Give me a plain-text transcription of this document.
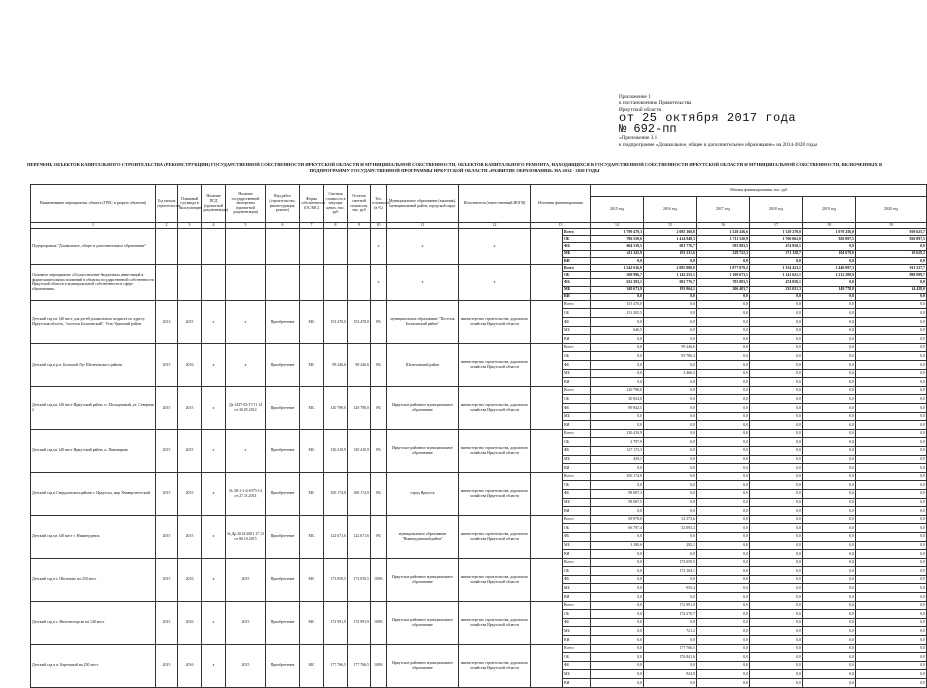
Приложение 1
к постановлению Правительства
Иркутской области
от 25 октября 2017 года
№ 692-пп
«Приложение 3.1
к подпрограмме «Дошкольное, общее и дополнительное образование» на 2014-2020 годы
ПЕРЕЧЕНЬ ОБЪЕКТОВ КАПИТАЛЬНОГО СТРОИТЕЛЬСТВА (РЕКОНСТРУКЦИИ) ГОСУДАРСТВЕННОЙ СОБСТВЕННОСТИ ИРКУТСКОЙ ОБЛАСТИ И МУНИЦИПАЛЬНОЙ СОБСТВЕННОСТИ, ОБЪЕКТОВ КАПИТАЛЬНОГО РЕМОНТА, НАХОДЯЩИХСЯ В ГОСУДАРСТВЕННОЙ СОБСТВЕННОСТИ ИРКУТСКОЙ ОБЛАСТИ И МУНИЦИПАЛЬНОЙ СОБСТВЕННОСТИ, ВКЛЮЧЕННЫХ В ПОДПРОГРАММУ ГОСУДАРСТВЕННОЙ ПРОГРАММЫ ИРКУТСКОЙ ОБЛАСТИ «РАЗВИТИЕ ОБРАЗОВАНИЯ» НА 2014 - 2020 ГОДЫ
Наименование мероприятия, объекта (ГРБС в разрезе объектов)	Год начала строительства	Плановый год ввода в эксплуатацию	Наличие ПСД (проектной документации)	Наличие государственной экспертизы (проектной документации)	Вид работ (строительство, реконструкция, ремонт)	Форма собственности (ОС/МС)	Сметная стоимость в текущих ценах, тыс. руб	Остаток сметной стоимости, тыс. руб	Тех. готовность, (в %)	Муниципальное образование (заказчик), муниципальный район, городской округ	Исполнитель (ответственный ИОГВ)	Источник финансирования		Объемы финансирования, тыс. руб					
														2015 год	2016 год	2017 год	2018 год	2019 год	2020 год
1	2	3	4	5	6	7	8	9	10	11	12	13		14	15	16	17	18	19
Подпрограмма "Дошкольное, общее и дополнительное образование"									х	х	х		Всего	1 799 479,3	2 085 168,8	1 528 436,6	1 529 270,0	1 070 256,0	939 625,7
													ОБ	786 550,6	1 414 948,3	1 711 520,9	1 706 062,0	920 897,5	920 897,5
													ФБ	604 539,5	691 776,7	593 883,5	474 850,1	0,0	0,0
													МБ	411 245,9	193 231,6	229 722,3	371 128,7	104 679,0	18 628,2
													ВИ	0,0	0,0	0,0	0,0	0,0	0,0
Основное мероприятие «Осуществление бюджетных инвестиций в форме капитальных вложений в объекты государственной собственности Иркутской области и муниципальной собственности в сфере образования»									х	х	х		Всего	1 542 016,0	2 085 800,0	1 877 079,2	1 354 423,1	1 440 097,3	911 337,7
													ОБ	569 996,7	1 142 255,1	1 109 673,1	1 141 621,1	1 212 288,9	898 899,7
													ФБ	632 393,1	691 776,7	703 883,5	474 850,1	0,0	0,0
													МБ	349 673,9	193 964,1	206 403,7	235 021,3	149 778,8	14 438,0
													ВИ	0,0	0,0	0,0	0,0	0,0	0,0
Детский сад на 140 мест для детей дошкольного возраста по адресу: Иркутская область, "поселок Балаганский", Усть-Удинский район	2013	2015	х	х	Приобретение	МС	153 470,0	153 470,0	0%	муниципальное образование "Поселок Балаганский район"	министерство строительства, дорожного хозяйства Иркутской области		Всего	153 470,0	0,0	0,0	0,0	0,0	0,0
													ОБ	151 205,5	0,0	0,0	0,0	0,0	0,0
													ФБ	0,0	0,0	0,0	0,0	0,0	0,0
													МБ	646,5	0,0	0,0	0,0	0,0	0,0
													ВИ	0,0	0,0	0,0	0,0	0,0	0,0
Детский сад в р.п. Большой Луг Шелеховского района	2015	2016	х	х	Приобретение	МС	99 246,6	99 246,6	0%	Шелеховский район	министерство строительства, дорожного хозяйства Иркутской области		Всего	0,0	99 246,6	0,0	0,0	0,0	0,0
													ОБ	0,0	95 780,3	0,0	0,0	0,0	0,0
													ФБ	0,0	0,0	0,0	0,0	0,0	0,0
													МБ	0,0	3 466,3	0,0	0,0	0,0	0,0
													ВИ	0,0	0,0	0,0	0,0	0,0	0,0
Детский сад на 140 мест Иркутский район, п. Молодежный, ул. Северная 2	2015	2015	х	Да 1437-05/17/11 14 от 30.05.2014	Приобретение	МС	120 790,0	120 790,0	0%	Иркутское районное муниципальное образование	министерство строительства, дорожного хозяйства Иркутской области		Всего	120 790,0	0,0	0,0	0,0	0,0	0,0
													ОБ	30 924,0	0,0	0,0	0,0	0,0	0,0
													ФБ	89 842,5	0,0	0,0	0,0	0,0	0,0
													МБ	0,0	0,0	0,0	0,0	0,0	0,0
													ВИ	0,0	0,0	0,0	0,0	0,0	0,0
Детский сад на 140 мест Иркутский район, п. Пивоварово	2015	2015	х	х	Приобретение	МС	130 410,9	130 410,9	0%	Иркутское районное муниципальное образование	министерство строительства, дорожного хозяйства Иркутской области		Всего	130 410,9	0,0	0,0	0,0	0,0	0,0
													ОБ	2 797,9	0,0	0,0	0,0	0,0	0,0
													ФБ	127 173,3	0,0	0,0	0,0	0,0	0,0
													МБ	439,1	0,0	0,0	0,0	0,0	0,0
													ВИ	0,0	0,0	0,0	0,0	0,0	0,0
Детский сад в Свердловском районе г. Иркутска, мкр Университетский	2015	2015	х	№ 38-1-1-4-0373-14 от 27.11.2014	Приобретение	МС	100 174,8	100 174,8	0%	город Иркутск	министерство строительства, дорожного хозяйства Иркутской области		Всего	100 174,8	0,0	0,0	0,0	0,0	0,0
													ОБ	0,0	0,0	0,0	0,0	0,0	0,0
													ФБ	98 087,3	0,0	0,0	0,0	0,0	0,0
													МБ	98 087,5	0,0	0,0	0,0	0,0	0,0
													ВИ	0,0	0,0	0,0	0,0	0,0	0,0
Детский сад на 140 мест г. Нижнеудинск	2015	2015	х	№ Др 2014-2601 17 13 от 06.10.2015	Приобретение	МС	122 671,6	122 671,6	0%	муниципальное образование "Нижнеудинский район"	министерство строительства, дорожного хозяйства Иркутской области		Всего	69 978,0	52 573,6	0,0	0,0	0,0	0,0
													ОБ	66 797,4	52 093,3	0,0	0,0	0,0	0,0
													ФБ	0,0	0,0	0,0	0,0	0,0	0,0
													МБ	3 180,6	292,1	0,0	0,0	0,0	0,0
													ВИ	0,0	0,0	0,0	0,0	0,0	0,0
Детский сад в г. Шелехово на 250 мест	2015	2016	х	2015	Приобретение	МС	173 059,5	173 059,5	100%	Иркутское районное муниципальное образование	министерство строительства, дорожного хозяйства Иркутской области		Всего	0,0	173 059,5	0,0	0,0	0,0	0,0
													ОБ	0,0	172 104,1	0,0	0,0	0,0	0,0
													ФБ	0,0	0,0	0,0	0,0	0,0	0,0
													МБ	0,0	955,4	0,0	0,0	0,0	0,0
													ВИ	0,0	0,0	0,0	0,0	0,0	0,0
Детский сад в г. Железногорске на 140 мест	2015	2016	х	2015	Приобретение	МС	172 991,9	172 991,9	100%	Иркутское районное муниципальное образование	министерство строительства, дорожного хозяйства Иркутской области		Всего	0,0	172 991,9	0,0	0,0	0,0	0,0
													ОБ	0,0	172 270,7	0,0	0,0	0,0	0,0
													ФБ	0,0	0,0	0,0	0,0	0,0	0,0
													МБ	0,0	721,2	0,0	0,0	0,0	0,0
													ВИ	0,0	0,0	0,0	0,0	0,0	0,0
Детский сад в п. Березовый на 250 мест	2015	2016	х	2015	Приобретение	МС	177 766,5	177 766,5	100%	Иркутское районное муниципальное образование	министерство строительства, дорожного хозяйства Иркутской области		Всего	0,0	177 766,5	0,0	0,0	0,0	0,0
													ОБ	0,0	176 841,6	0,0	0,0	0,0	0,0
													ФБ	0,0	0,0	0,0	0,0	0,0	0,0
													МБ	0,0	924,9	0,0	0,0	0,0	0,0
													ВИ	0,0	0,0	0,0	0,0	0,0	0,0
